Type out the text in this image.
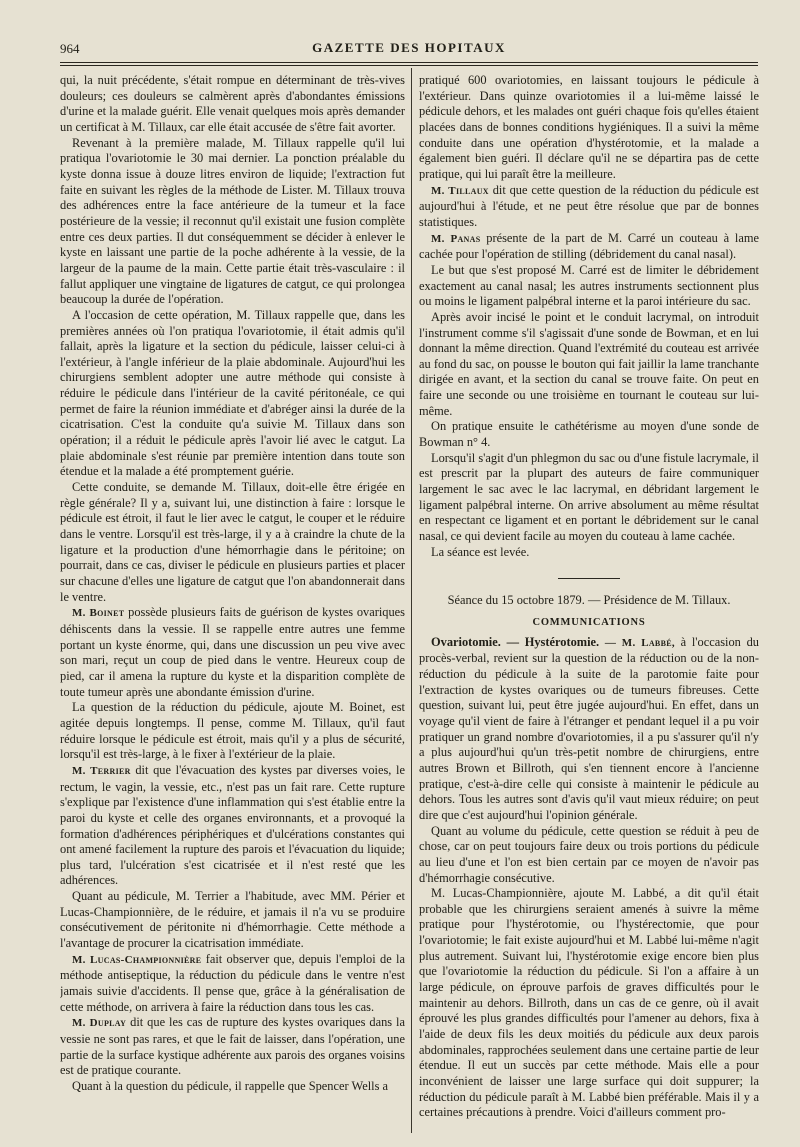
964	GAZETTE DES HOPITAUX

qui, la nuit précédente, s'était rompue en déterminant de très-vives douleurs; ces douleurs se calmèrent après d'abondantes émissions d'urine et la malade guérit. Elle venait quelques mois après demander un certificat à M. Tillaux, car elle était accusée de s'être fait avorter.

Revenant à la première malade, M. Tillaux rappelle qu'il lui pratiqua l'ovariotomie le 30 mai dernier. La ponction préalable du kyste donna issue à douze litres environ de liquide; l'extraction fut faite en suivant les règles de la méthode de Lister. M. Tillaux trouva des adhérences entre la face antérieure de la tumeur et la face postérieure de la vessie; il reconnut qu'il existait une fusion complète entre ces deux parties. Il dut conséquemment se décider à enlever le kyste en laissant une partie de la poche adhérente à la vessie, de la largeur de la paume de la main. Cette partie était très-vasculaire : il fallut appliquer une vingtaine de ligatures de catgut, ce qui prolongea beaucoup la durée de l'opération.

A l'occasion de cette opération, M. Tillaux rappelle que, dans les premières années où l'on pratiqua l'ovariotomie, il était admis qu'il fallait, après la ligature et la section du pédicule, laisser celui-ci à l'extérieur, à l'angle inférieur de la plaie abdominale. Aujourd'hui les chirurgiens semblent adopter une autre méthode qui consiste à réduire le pédicule dans l'intérieur de la cavité péritonéale, ce qui permet de faire la réunion immédiate et d'abréger ainsi la durée de la cicatrisation. C'est la conduite qu'a suivie M. Tillaux dans son opération; il a réduit le pédicule après l'avoir lié avec le catgut. La plaie abdominale s'est réunie par première intention dans toute son étendue et la malade a été promptement guérie.

Cette conduite, se demande M. Tillaux, doit-elle être érigée en règle générale? Il y a, suivant lui, une distinction à faire : lorsque le pédicule est étroit, il faut le lier avec le catgut, le couper et le réduire dans le ventre. Lorsqu'il est très-large, il y a à craindre la chute de la ligature et la production d'une hémorrhagie dans le péritoine; on pourrait, dans ce cas, diviser le pédicule en plusieurs parties et placer sur chacune d'elles une ligature de catgut que l'on abandonnerait dans le ventre.

M. Boinet possède plusieurs faits de guérison de kystes ovariques déhiscents dans la vessie. Il se rappelle entre autres une femme portant un kyste énorme, qui, dans une discussion un peu vive avec son mari, reçut un coup de pied dans le ventre. Heureux coup de pied, car il amena la rupture du kyste et la disparition complète de toute tumeur après une abondante émission d'urine.

La question de la réduction du pédicule, ajoute M. Boinet, est agitée depuis longtemps. Il pense, comme M. Tillaux, qu'il faut réduire lorsque le pédicule est étroit, mais qu'il y a plus de sécurité, lorsqu'il est très-large, à le fixer à l'extérieur de la plaie.

M. Terrier dit que l'évacuation des kystes par diverses voies, le rectum, le vagin, la vessie, etc., n'est pas un fait rare. Cette rupture s'explique par l'existence d'une inflammation qui s'est établie entre la paroi du kyste et celle des organes environnants, et a provoqué la formation d'adhérences périphériques et d'ulcérations constantes qui ont amené facilement la rupture des parois et l'évacuation du liquide; plus tard, l'ulcération s'est cicatrisée et il n'est resté que les adhérences.

Quant au pédicule, M. Terrier a l'habitude, avec MM. Périer et Lucas-Championnière, de le réduire, et jamais il n'a vu se produire consécutivement de péritonite ni d'hémorrhagie. Cette méthode a l'avantage de procurer la cicatrisation immédiate.

M. Lucas-Championnière fait observer que, depuis l'emploi de la méthode antiseptique, la réduction du pédicule dans le ventre n'est jamais suivie d'accidents. Il pense que, grâce à la généralisation de cette méthode, on arrivera à faire la réduction dans tous les cas.

M. Duplay dit que les cas de rupture des kystes ovariques dans la vessie ne sont pas rares, et que le fait de laisser, dans l'opération, une partie de la surface kystique adhérente aux parois des organes voisins est de pratique courante.

Quant à la question du pédicule, il rappelle que Spencer Wells a

pratiqué 600 ovariotomies, en laissant toujours le pédicule à l'extérieur. Dans quinze ovariotomies il a lui-même laissé le pédicule dehors, et les malades ont guéri chaque fois qu'elles étaient placées dans de bonnes conditions hygiéniques. Il a suivi la même conduite dans une opération d'hystérotomie, et la malade a également bien guéri. Il déclare qu'il ne se départira pas de cette pratique, qui lui paraît être la meilleure.

M. Tillaux dit que cette question de la réduction du pédicule est aujourd'hui à l'étude, et ne peut être résolue que par de bonnes statistiques.

M. Panas présente de la part de M. Carré un couteau à lame cachée pour l'opération de stilling (débridement du canal nasal).

Le but que s'est proposé M. Carré est de limiter le débridement exactement au canal nasal; les autres instruments sectionnent plus ou moins le ligament palpébral interne et la paroi intérieure du sac.

Après avoir incisé le point et le conduit lacrymal, on introduit l'instrument comme s'il s'agissait d'une sonde de Bowman, et en lui donnant la même direction. Quand l'extrémité du couteau est arrivée au fond du sac, on pousse le bouton qui fait jaillir la lame tranchante dirigée en avant, et la section du canal se trouve faite. On peut en faire une seconde ou une troisième en tournant le couteau sur lui-même.

On pratique ensuite le cathétérisme au moyen d'une sonde de Bowman n° 4.

Lorsqu'il s'agit d'un phlegmon du sac ou d'une fistule lacrymale, il est prescrit par la plupart des auteurs de faire communiquer largement le sac avec le lac lacrymal, en débridant largement le ligament palpébral interne. On arrive absolument au même résultat en respectant ce ligament et en portant le débridement sur le canal nasal, ce qui devient facile au moyen du couteau à lame cachée.

La séance est levée.

Séance du 15 octobre 1879. — Présidence de M. Tillaux.

COMMUNICATIONS

Ovariotomie. — Hystérotomie. — M. Labbé, à l'occasion du procès-verbal, revient sur la question de la réduction ou de la non-réduction du pédicule à la suite de la parotomie faite pour l'extraction de kystes ovariques ou de tumeurs fibreuses. Cette question, suivant lui, peut être jugée aujourd'hui. En effet, dans un voyage qu'il vient de faire à l'étranger et pendant lequel il a pu voir pratiquer un grand nombre d'ovariotomies, il a pu s'assurer qu'il n'y a plus aujourd'hui qu'un très-petit nombre de chirurgiens, entre autres Brown et Billroth, qui s'en tiennent encore à l'ancienne pratique, c'est-à-dire celle qui consiste à maintenir le pédicule au dehors. Tous les autres sont d'avis qu'il vaut mieux réduire; on peut dire que c'est aujourd'hui l'opinion générale.

Quant au volume du pédicule, cette question se réduit à peu de chose, car on peut toujours faire deux ou trois portions du pédicule au lieu d'une et l'on est bien certain par ce moyen de n'avoir pas d'hémorrhagie consécutive.

M. Lucas-Championnière, ajoute M. Labbé, a dit qu'il était probable que les chirurgiens seraient amenés à suivre la même pratique pour l'hystérotomie, ou l'hystérectomie, que pour l'ovariotomie; le fait existe aujourd'hui et M. Labbé lui-même n'agit plus autrement. Suivant lui, l'hystérotomie exige encore bien plus que l'ovariotomie la réduction du pédicule. Si l'on a affaire à un large pédicule, on éprouve parfois de graves difficultés pour le maintenir au dehors. Billroth, dans un cas de ce genre, où il avait éprouvé les plus grandes difficultés pour l'amener au dehors, fixa à l'aide de deux fils les deux moitiés du pédicule aux deux parois abdominales, rapprochées seulement dans une certaine partie de leur étendue. Il eut un succès par cette méthode. Mais elle a pour inconvénient de laisser une large surface qui doit suppurer; la réduction du pédicule paraît à M. Labbé bien préférable. Mais il y a certaines précautions à prendre. Voici d'ailleurs comment pro-
